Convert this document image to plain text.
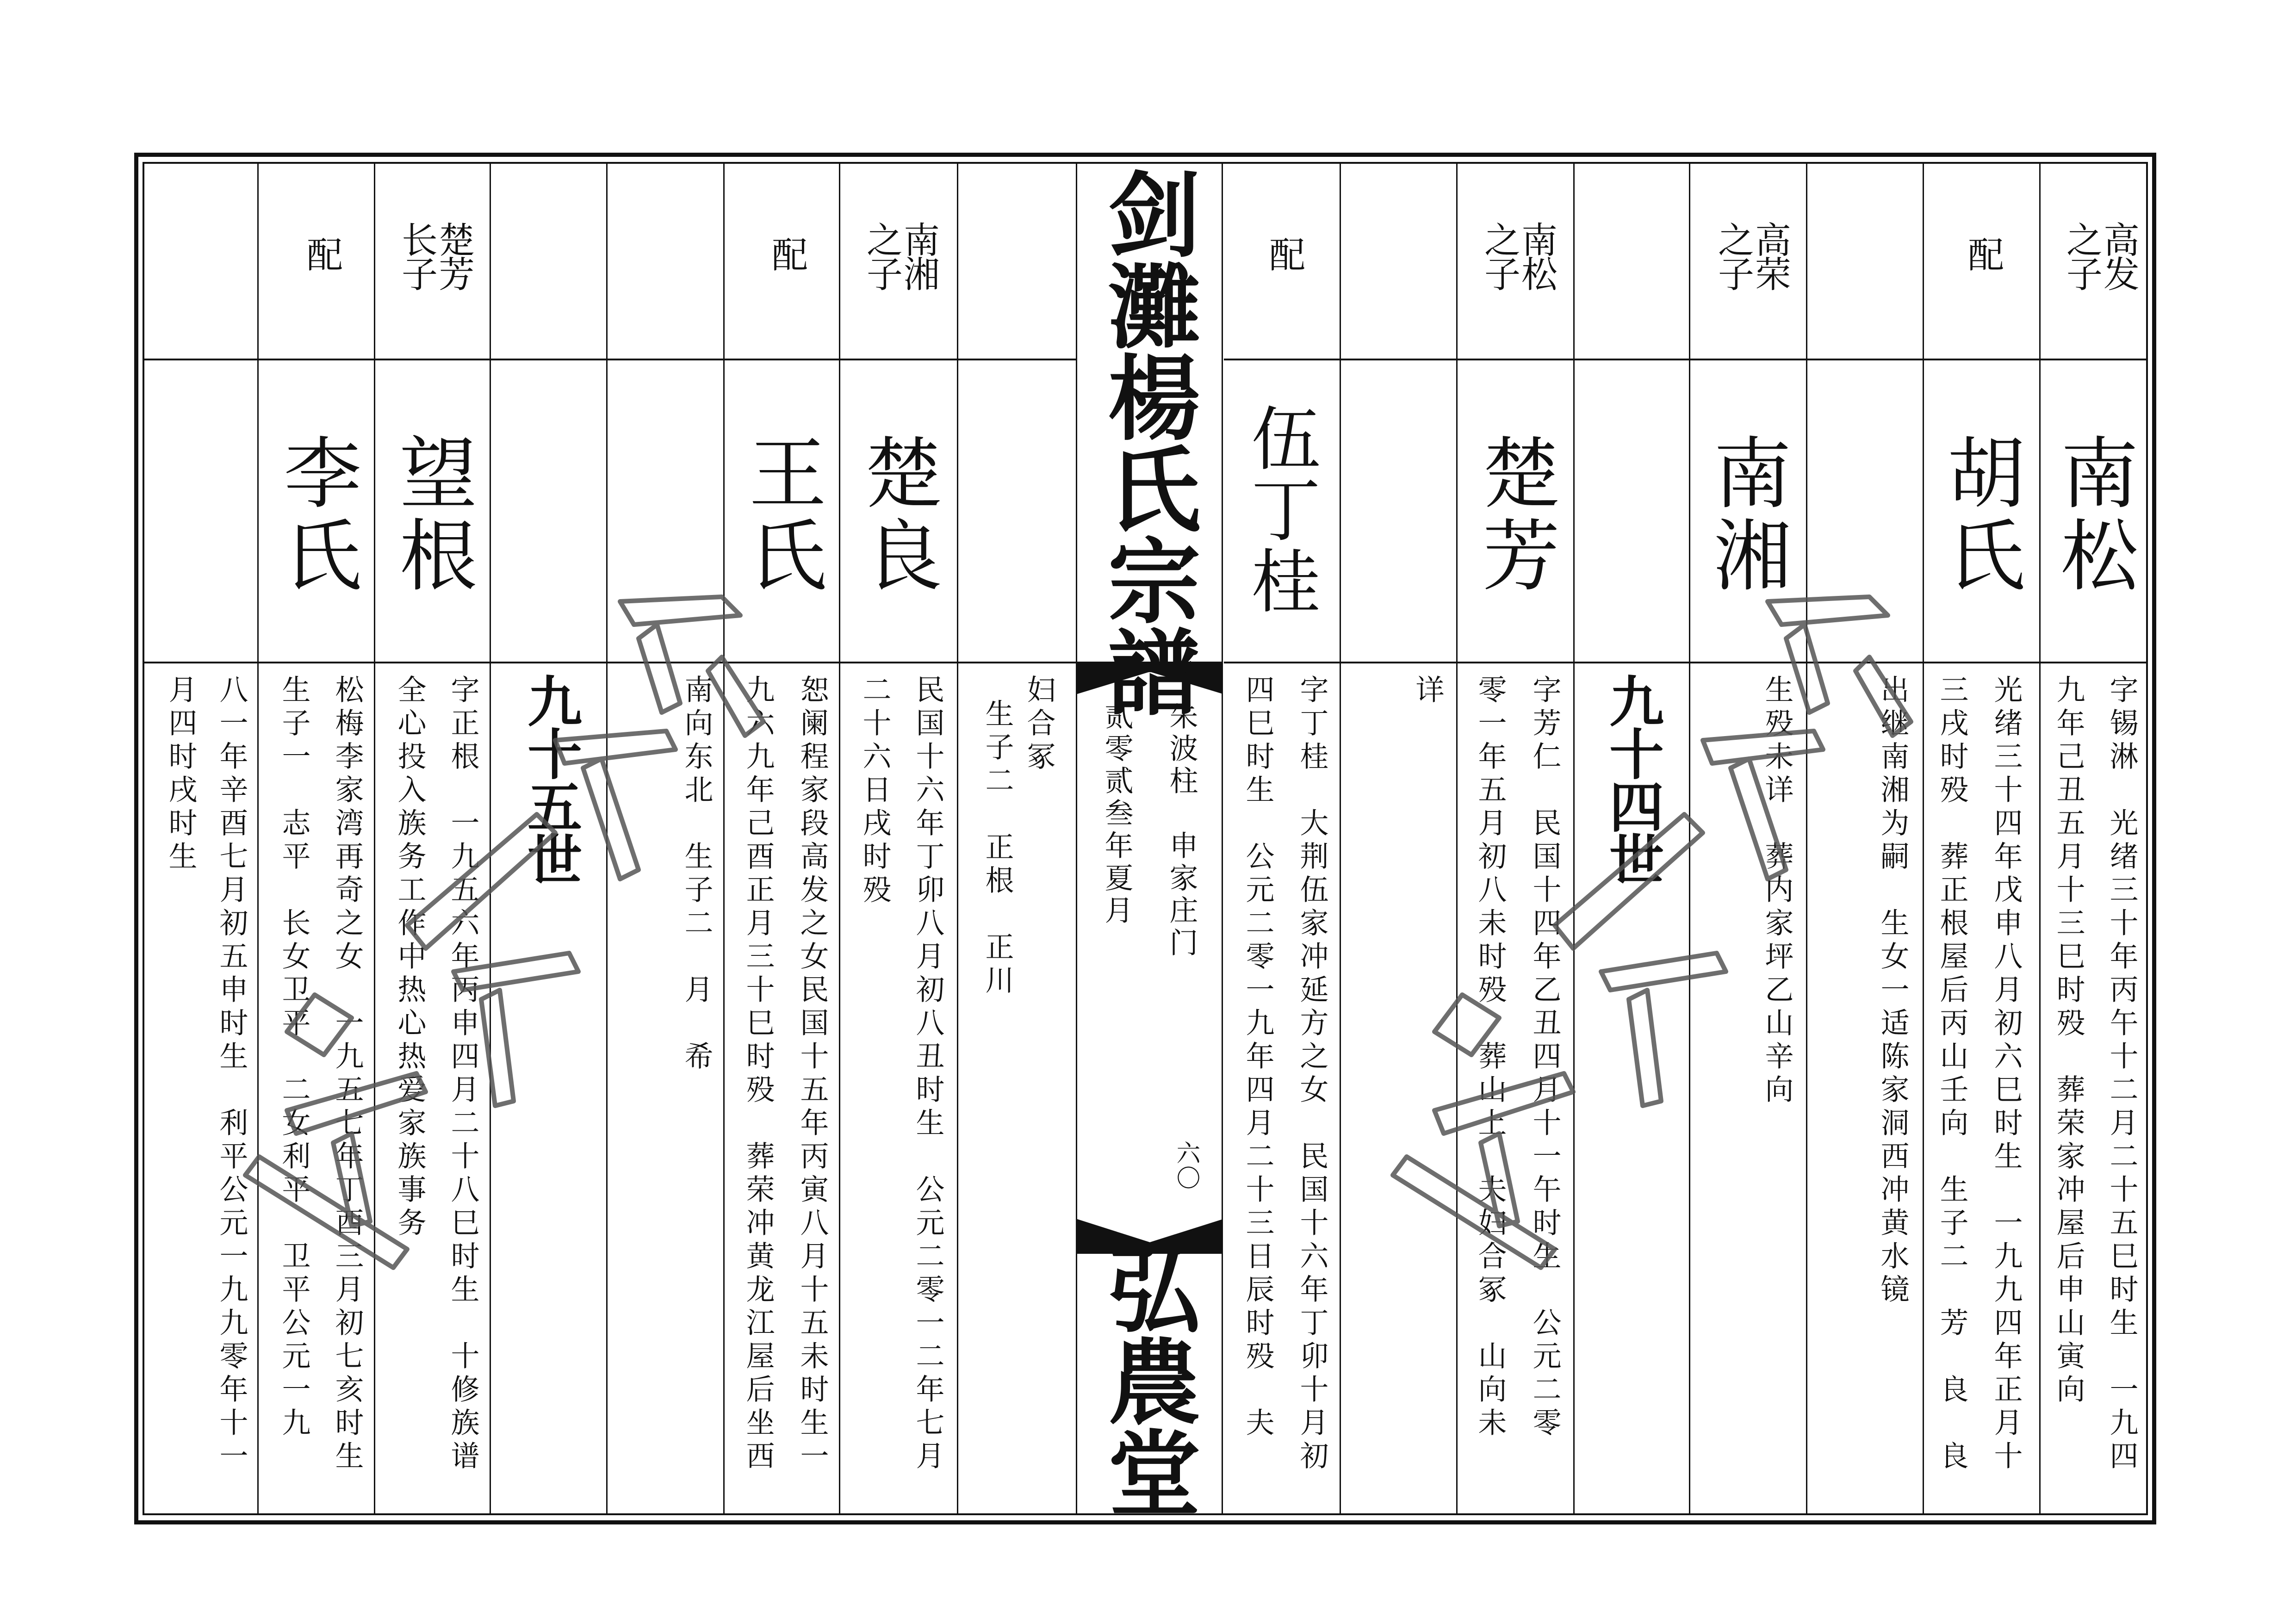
剑灘楊氏宗譜
弘農堂
朱波柱　申家庄门
贰零贰叁年夏月
六〇
九十四世
九十五世
高发
之子
南松
字锡淋　光绪三十年丙午十二月二十五巳时生　一九四
九年己丑五月十三巳时殁　葬荣家冲屋后申山寅向
配
胡氏
光绪三十四年戊申八月初六巳时生　一九九四年正月十
三戌时殁　葬正根屋后丙山壬向　生子二　芳　良　良
出继南湘为嗣　生女一适陈家洞西冲黄水镜
高荣
之子
南湘
生殁未详　葬内家坪乙山辛向
南松
之子
楚芳
字芳仁　民国十四年乙丑四月十一午时生　公元二零
零一年五月初八未时殁　葬山上　夫妇合冢　山向未
详
配
伍丁桂
字丁桂　大荆伍家冲延方之女　民国十六年丁卯十月初
四巳时生　公元二零一九年四月二十三日辰时殁　夫
妇合冢
生子二　正根　正川
南湘
之子
楚良
民国十六年丁卯八月初八丑时生　公元二零一二年七月
二十六日戌时殁
配
王氏
恕阑程家段高发之女民国十五年丙寅八月十五未时生一
九六九年己酉正月三十巳时殁　葬荣冲黄龙江屋后坐西
南向东北　生子二　月　希
楚芳
长子
望根
字正根　一九五六年丙申四月二十八巳时生　十修族谱
全心投入族务工作中热心热爱家族事务
配
李氏
松梅李家湾再奇之女　一九五七年丁酉三月初七亥时生
生子一　志平　长女卫平　二女利平　卫平公元一九
八一年辛酉七月初五申时生　利平公元一九九零年十一
月四时戌时生
